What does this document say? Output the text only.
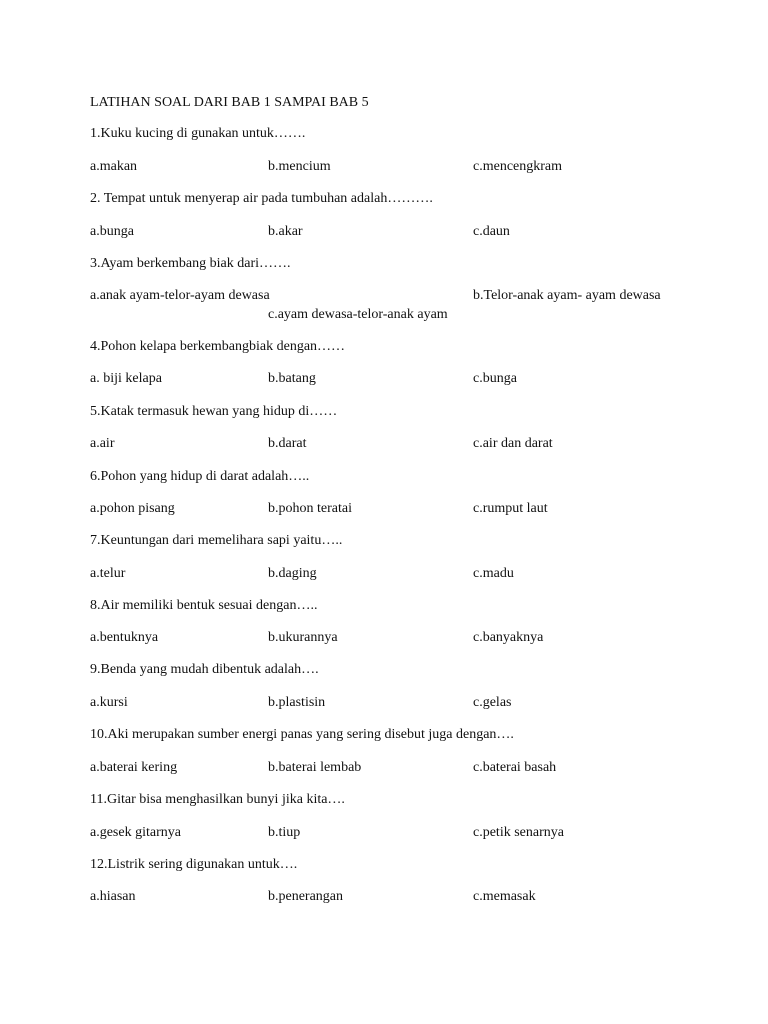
LATIHAN SOAL DARI BAB 1 SAMPAI BAB 5
1.Kuku kucing di gunakan untuk…….
a.makan	b.mencium	c.mencengkram
2. Tempat untuk menyerap air pada tumbuhan adalah……….
a.bunga	b.akar	c.daun
3.Ayam berkembang biak dari…….
a.anak ayam-telor-ayam dewasa	b.Telor-anak ayam- ayam dewasa
c.ayam dewasa-telor-anak ayam
4.Pohon kelapa berkembangbiak dengan……
a. biji kelapa	b.batang	c.bunga
5.Katak termasuk hewan yang hidup di……
a.air	b.darat	c.air dan darat
6.Pohon yang hidup di darat adalah…..
a.pohon pisang	b.pohon teratai	c.rumput laut
7.Keuntungan dari memelihara sapi yaitu…..
a.telur	b.daging	c.madu
8.Air memiliki bentuk sesuai dengan…..
a.bentuknya	b.ukurannya	c.banyaknya
9.Benda yang mudah dibentuk adalah….
a.kursi	b.plastisin	c.gelas
10.Aki merupakan sumber energi panas yang sering disebut juga dengan….
a.baterai kering	b.baterai lembab	c.baterai basah
11.Gitar bisa menghasilkan bunyi jika kita….
a.gesek gitarnya	b.tiup	c.petik senarnya
12.Listrik sering digunakan untuk….
a.hiasan	b.penerangan	c.memasak
